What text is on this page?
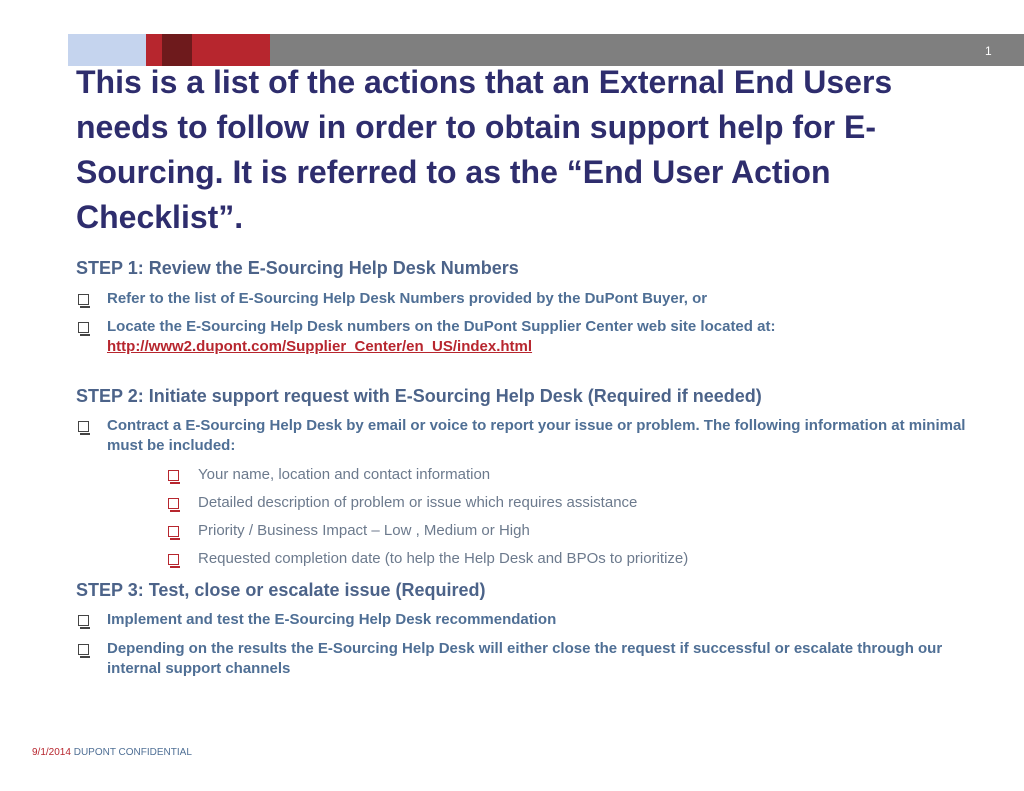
1
This is a list of the actions that an External End Users needs to follow in order to obtain support help for E-Sourcing. It is referred to as the “End User Action Checklist”.

STEP 1: Review the E-Sourcing Help Desk Numbers

Refer to the list of E-Sourcing Help Desk Numbers provided by the DuPont Buyer, or
Locate the E-Sourcing Help Desk numbers on the DuPont Supplier Center web site located at:
http://www2.dupont.com/Supplier_Center/en_US/index.html

STEP 2: Initiate support request with E-Sourcing Help Desk (Required if needed)

Contract a E-Sourcing Help Desk by email or voice to report your issue or problem. The following information at minimal must be included:
Your name, location and contact information
Detailed description of problem or issue which requires assistance
Priority / Business Impact – Low , Medium or High
Requested completion date (to help the Help Desk and BPOs to prioritize)

STEP 3: Test, close or escalate issue (Required)

Implement and test the E-Sourcing Help Desk recommendation
Depending on the results the E-Sourcing Help Desk will either close the request if successful or escalate through our internal support channels
9/1/2014 DUPONT CONFIDENTIAL
